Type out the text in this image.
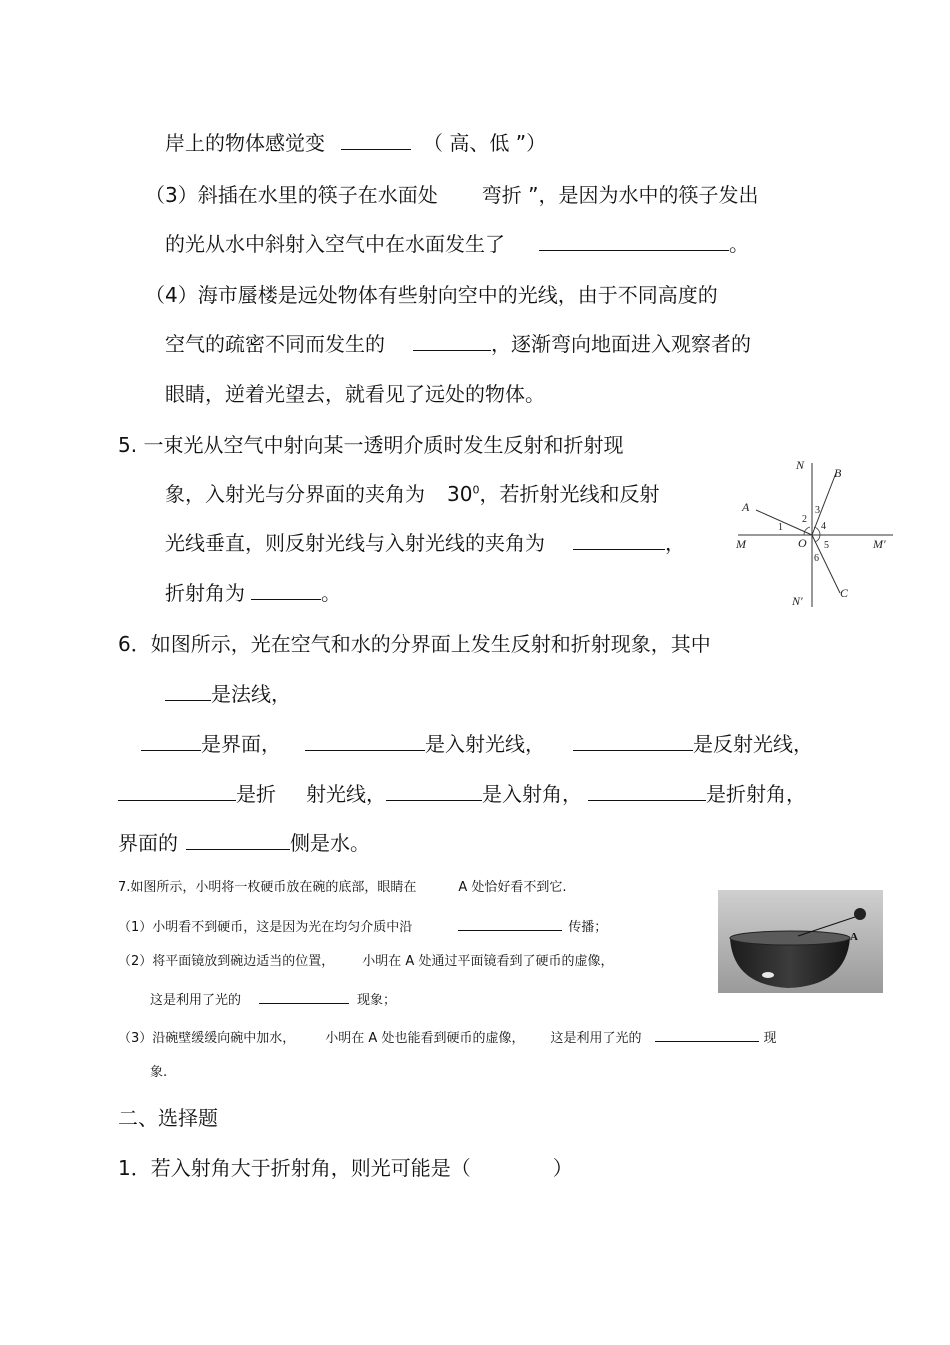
岸上的物体感觉变	（ 高、低 ”）
（3）斜插在水里的筷子在水面处 弯折 ”，是因为水中的筷子发出
的光从水中斜射入空气中在水面发生了	。
（4）海市蜃楼是远处物体有些射向空中的光线，由于不同高度的
空气的疏密不同而发生的	，逐渐弯向地面进入观察者的
眼睛，逆着光望去，就看见了远处的物体。
5. 一束光从空气中射向某一透明介质时发生反射和折射现
象，入射光与分界面的夹角为 $30^0$，若折射光线和反射
光线垂直，则反射光线与入射光线的夹角为	，
折射角为	。
N
B
A
M	O	M′
N′
C
1
2
3
4
5
6
6．如图所示，光在空气和水的分界面上发生反射和折射现象，其中
是法线，
是界面，	是入射光线，	是反射光线，
是折 射光线，	是入射角，	是折射角，
界面的	侧是水。
7.如图所示，小明将一枚硬币放在碗的底部，眼睛在	A 处恰好看不到它.
（1）小明看不到硬币，这是因为光在均匀介质中沿	传播；
（2）将平面镜放到碗边适当的位置， 小明在 A 处通过平面镜看到了硬币的虚像，
这是利用了光的	现象；
（3）沿碗壁缓缓向碗中加水， 小明在 A 处也能看到硬币的虚像， 这是利用了光的	现
象.
A
二、选择题
1．若入射角大于折射角，则光可能是（	）
